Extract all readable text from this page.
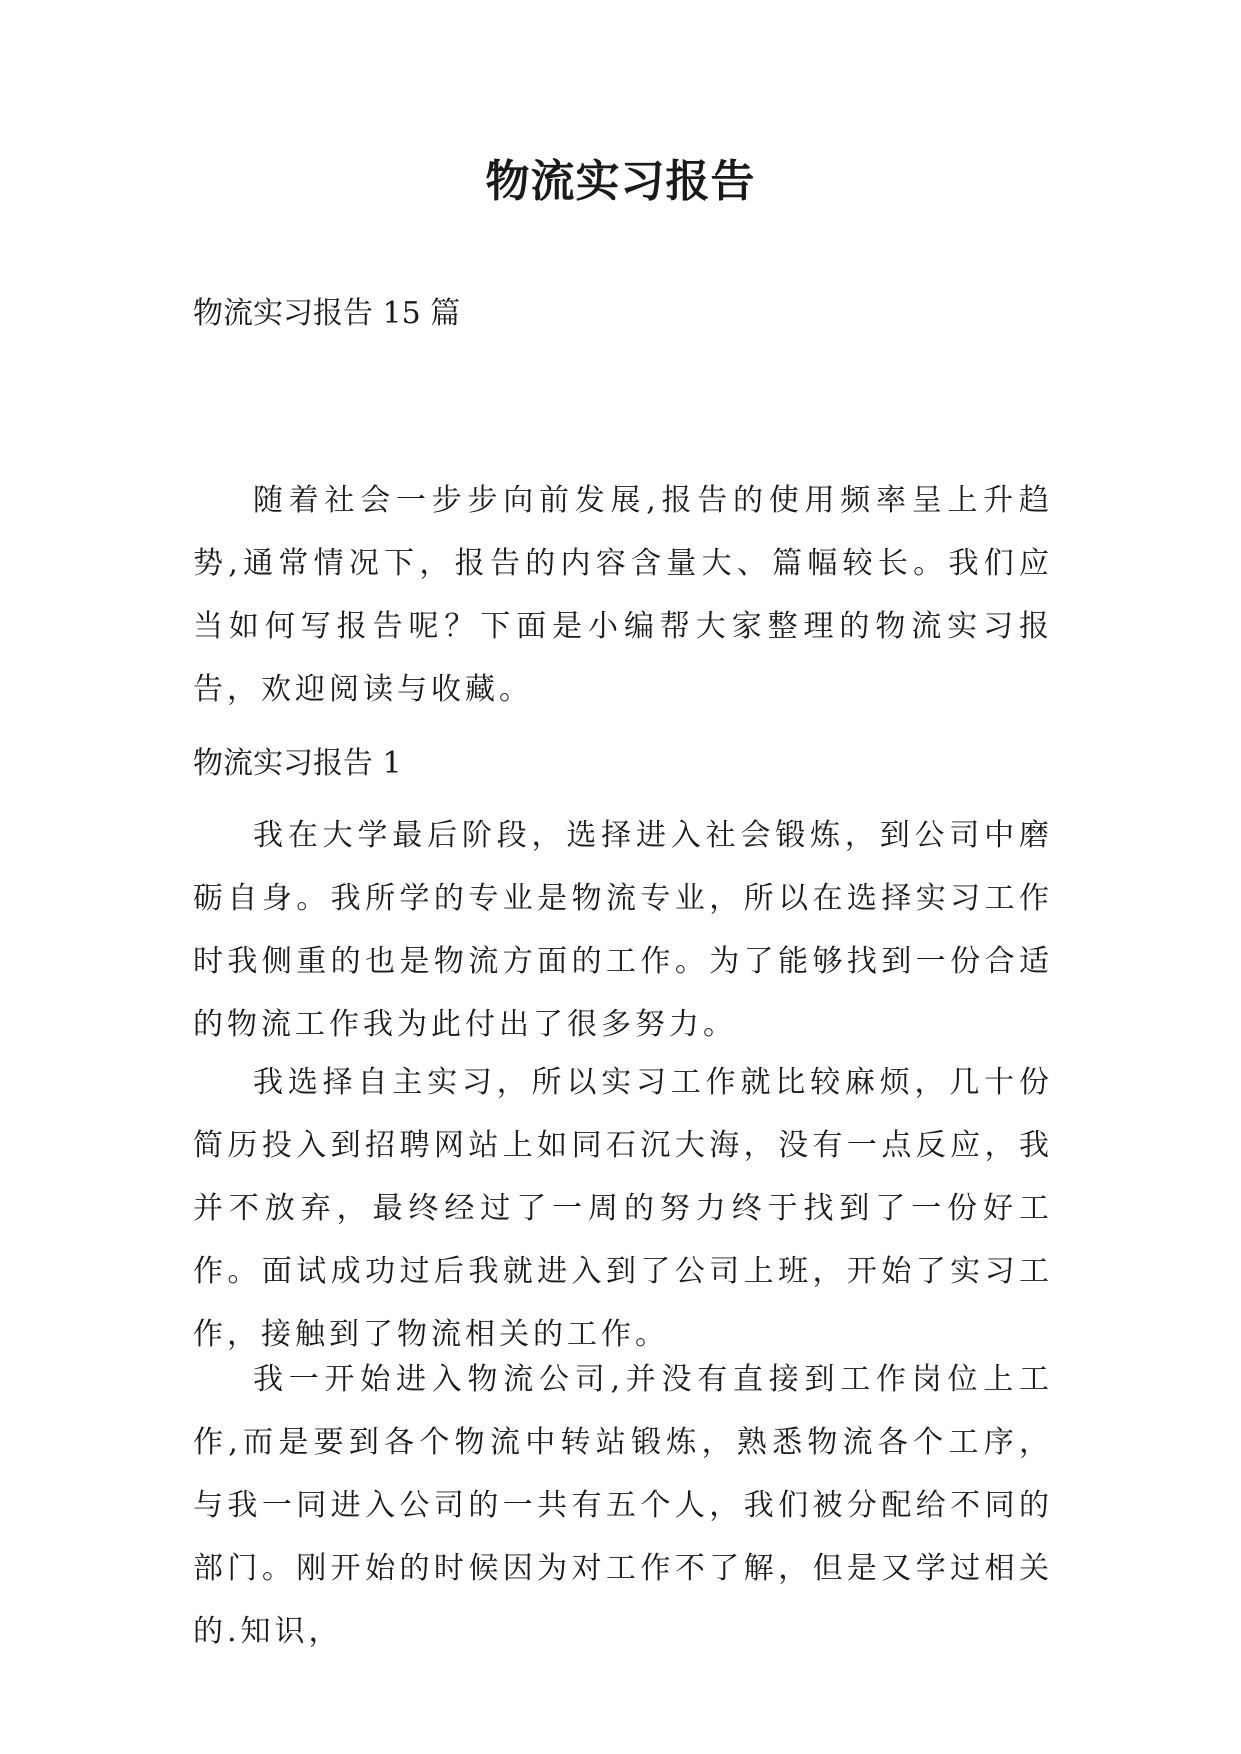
物流实习报告

物流实习报告 15 篇

随着社会一步步向前发展,报告的使用频率呈上升趋势,通常情况下，报告的内容含量大、篇幅较长。我们应当如何写报告呢？下面是小编帮大家整理的物流实习报告，欢迎阅读与收藏。

物流实习报告 1

我在大学最后阶段，选择进入社会锻炼，到公司中磨砺自身。我所学的专业是物流专业，所以在选择实习工作时我侧重的也是物流方面的工作。为了能够找到一份合适的物流工作我为此付出了很多努力。

我选择自主实习，所以实习工作就比较麻烦，几十份简历投入到招聘网站上如同石沉大海，没有一点反应，我并不放弃，最终经过了一周的努力终于找到了一份好工作。面试成功过后我就进入到了公司上班，开始了实习工作，接触到了物流相关的工作。

我一开始进入物流公司,并没有直接到工作岗位上工作,而是要到各个物流中转站锻炼，熟悉物流各个工序，与我一同进入公司的一共有五个人，我们被分配给不同的部门。刚开始的时候因为对工作不了解，但是又学过相关的.知识，
